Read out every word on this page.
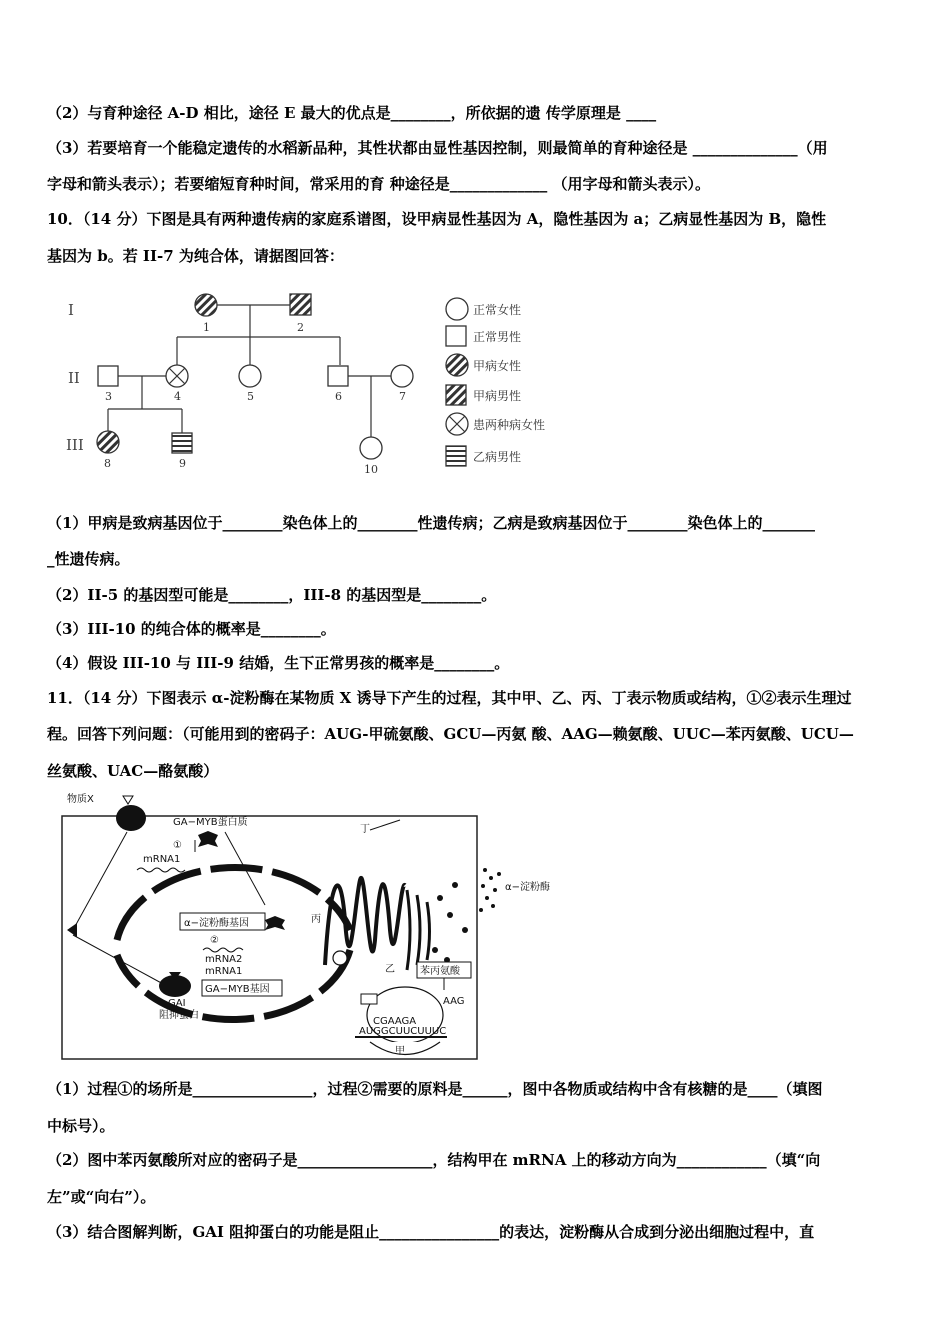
（2）与育种途径 A-D 相比，途径 E 最大的优点是________，所依据的遗 传学原理是 ____
（3）若要培育一个能稳定遗传的水稻新品种，其性状都由显性基因控制，则最简单的育种途径是 ______________（用
字母和箭头表示）；若要缩短育种时间，常采用的育 种途径是_____________ （用字母和箭头表示）。
10．（14 分）下图是具有两种遗传病的家庭系谱图，设甲病显性基因为 A，隐性基因为 a；乙病显性基因为 B，隐性
基因为 b。若 II-7 为纯合体，请据图回答：
I
II
III
1	2
3	4	5	6	7
8	9	10
正常女性
正常男性
甲病女性
甲病男性
患两种病女性
乙病男性
（1）甲病是致病基因位于________染色体上的________性遗传病；乙病是致病基因位于________染色体上的_______
_性遗传病。
（2）II-5 的基因型可能是________，III-8 的基因型是________。
（3）III-10 的纯合体的概率是________。
（4）假设 III-10 与 III-9 结婚，生下正常男孩的概率是________。
11．（14 分）下图表示 α-淀粉酶在某物质 X 诱导下产生的过程，其中甲、乙、丙、丁表示物质或结构，①②表示生理过
程。回答下列问题：（可能用到的密码子：AUG-甲硫氨酸、GCU—丙氨 酸、AAG—赖氨酸、UUC—苯丙氨酸、UCU—
丝氨酸、UAC—酪氨酸）
物质X
GA−MYB蛋白质
①
mRNA1
α−淀粉酶基因
②
mRNA2
mRNA1
GA−MYB基因
GAI
阻抑蛋白
丁
丙
乙
α−淀粉酶
苯丙氨酸
CGAAGA
AAG
AUGGCUUCUUUC
甲
（1）过程①的场所是________________，过程②需要的原料是______，图中各物质或结构中含有核糖的是____（填图
中标号）。
（2）图中苯丙氨酸所对应的密码子是__________________，结构甲在 mRNA 上的移动方向为____________（填“向
左”或“向右”）。
（3）结合图解判断，GAI 阻抑蛋白的功能是阻止________________的表达，淀粉酶从合成到分泌出细胞过程中，直
